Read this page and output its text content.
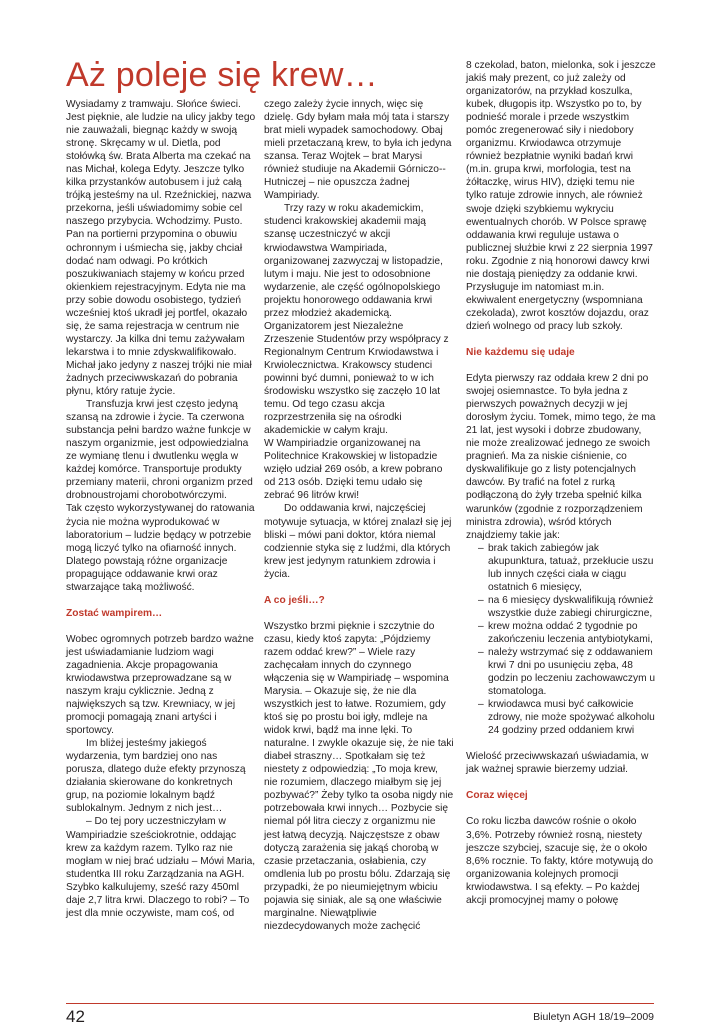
Aż poleje się krew…

Wysiadamy z tramwaju. Słońce świeci. Jest pięknie, ale ludzie na ulicy jakby tego nie zauważali, biegnąc każdy w swoją stronę. Skręcamy w ul. Dietla, pod stołówką św. Brata Alberta ma czekać na nas Michał, kolega Edyty. Jeszcze tylko kilka przystanków autobusem i już całą trójką jesteśmy na ul. Rzeźnickiej, nazwa przekorna, jeśli uświadomimy sobie cel naszego przybycia. Wchodzimy. Pusto. Pan na portierni przypomina o obuwiu ochronnym i uśmiecha się, jakby chciał dodać nam odwagi. Po krótkich poszukiwaniach stajemy w końcu przed okienkiem rejestracyjnym. Edyta nie ma przy sobie dowodu osobistego, tydzień wcześniej ktoś ukradł jej portfel, okazało się, że sama rejestracja w centrum nie wystarczy. Ja kilka dni temu zażywałam lekarstwa i to mnie zdyskwalifikowało. Michał jako jedyny z naszej trójki nie miał żadnych przeciwwskazań do pobrania płynu, który ratuje życie.

Transfuzja krwi jest często jedyną szansą na zdrowie i życie. Ta czerwona substancja pełni bardzo ważne funkcje w naszym organizmie, jest odpowiedzialna ze wymianę tlenu i dwutlenku węgla w każdej komórce. Transportuje produkty przemiany materii, chroni organizm przed drobnoustrojami chorobotwórczymi.

Tak często wykorzystywanej do ratowania życia nie można wyprodukować w laboratorium – ludzie będący w potrzebie mogą liczyć tylko na ofiarność innych. Dlatego powstają różne organizacje propagujące oddawanie krwi oraz stwarzające taką możliwość.

Zostać wampirem…

Wobec ogromnych potrzeb bardzo ważne jest uświadamianie ludziom wagi zagadnienia. Akcje propagowania krwiodawstwa przeprowadzane są w naszym kraju cyklicznie. Jedną z największych są tzw. Krewniacy, w jej promocji pomagają znani artyści i sportowcy.

Im bliżej jesteśmy jakiegoś wydarzenia, tym bardziej ono nas porusza, dlatego duże efekty przynoszą działania skierowane do konkretnych grup, na poziomie lokalnym bądź sublokalnym. Jednym z nich jest…

– Do tej pory uczestniczyłam w Wampiriadzie sześciokrotnie, oddając krew za każdym razem. Tylko raz nie mogłam w niej brać udziału – Mówi Maria, studentka III roku Zarządzania na AGH. Szybko kalkulujemy, sześć razy 450ml daje 2,7 litra krwi. Dlaczego to robi? – To jest dla mnie oczywiste, mam coś, od

czego zależy życie innych, więc się dzielę. Gdy byłam mała mój tata i starszy brat mieli wypadek samochodowy. Obaj mieli przetaczaną krew, to była ich jedyna szansa. Teraz Wojtek – brat Marysi również studiuje na Akademii Górniczo--Hutniczej – nie opuszcza żadnej Wampiriady.

Trzy razy w roku akademickim, studenci krakowskiej akademii mają szansę uczestniczyć w akcji krwiodawstwa Wampiriada, organizowanej zazwyczaj w listopadzie, lutym i maju. Nie jest to odosobnione wydarzenie, ale część ogólnopolskiego projektu honorowego oddawania krwi przez młodzież akademicką. Organizatorem jest Niezależne Zrzeszenie Studentów przy współpracy z Regionalnym Centrum Krwiodawstwa i Krwiolecznictwa. Krakowscy studenci powinni być dumni, ponieważ to w ich środowisku wszystko się zaczęło 10 lat temu. Od tego czasu akcja rozprzestrzeniła się na ośrodki akademickie w całym kraju.

W Wampiriadzie organizowanej na Politechnice Krakowskiej w listopadzie wzięło udział 269 osób, a krew pobrano od 213 osób. Dzięki temu udało się zebrać 96 litrów krwi!

Do oddawania krwi, najczęściej motywuje sytuacja, w której znalazł się jej bliski – mówi pani doktor, która niemal codziennie styka się z ludźmi, dla których krew jest jedynym ratunkiem zdrowia i życia.

A co jeśli…?

Wszystko brzmi pięknie i szczytnie do czasu, kiedy ktoś zapyta: „Pójdziemy razem oddać krew?” – Wiele razy zachęcałam innych do czynnego włączenia się w Wampiriadę – wspomina Marysia. – Okazuje się, że nie dla wszystkich jest to łatwe. Rozumiem, gdy ktoś się po prostu boi igły, mdleje na widok krwi, bądź ma inne lęki. To naturalne. I zwykle okazuje się, że nie taki diabeł straszny… Spotkałam się też niestety z odpowiedzią: „To moja krew, nie rozumiem, dlaczego miałbym się jej pozbywać?” Żeby tylko ta osoba nigdy nie potrzebowała krwi innych… Pozbycie się niemal pół litra cieczy z organizmu nie jest łatwą decyzją. Najczęstsze z obaw dotyczą zarażenia się jakąś chorobą w czasie przetaczania, osłabienia, czy omdlenia lub po prostu bólu. Zdarzają się przypadki, że po nieumiejętnym wbiciu pojawia się siniak, ale są one właściwie marginalne. Niewątpliwie niezdecydowanych może zachęcić

8 czekolad, baton, mielonka, sok i jeszcze jakiś mały prezent, co już zależy od organizatorów, na przykład koszulka, kubek, długopis itp. Wszystko po to, by podnieść morale i przede wszystkim pomóc zregenerować siły i niedobory organizmu. Krwiodawca otrzymuje również bezpłatnie wyniki badań krwi (m.in. grupa krwi, morfologia, test na żółtaczkę, wirus HIV), dzięki temu nie tylko ratuje zdrowie innych, ale również swoje dzięki szybkiemu wykryciu ewentualnych chorób. W Polsce sprawę oddawania krwi reguluje ustawa o publicznej służbie krwi z 22 sierpnia 1997 roku. Zgodnie z nią honorowi dawcy krwi nie dostają pieniędzy za oddanie krwi. Przysługuje im natomiast m.in. ekwiwalent energetyczny (wspomniana czekolada), zwrot kosztów dojazdu, oraz dzień wolnego od pracy lub szkoły.

Nie każdemu się udaje

Edyta pierwszy raz oddała krew 2 dni po swojej osiemnastce. To była jedna z pierwszych poważnych decyzji w jej dorosłym życiu. Tomek, mimo tego, że ma 21 lat, jest wysoki i dobrze zbudowany, nie może zrealizować jednego ze swoich pragnień. Ma za niskie ciśnienie, co dyskwalifikuje go z listy potencjalnych dawców. By trafić na fotel z rurką podłączoną do żyły trzeba spełnić kilka warunków (zgodnie z rozporządzeniem ministra zdrowia), wśród których znajdziemy takie jak:

– brak takich zabiegów jak akupunktura, tatuaż, przekłucie uszu lub innych części ciała w ciągu ostatnich 6 miesięcy,
– na 6 miesięcy dyskwalifikują również wszystkie duże zabiegi chirurgiczne,
– krew można oddać 2 tygodnie po zakończeniu leczenia antybiotykami,
– należy wstrzymać się z oddawaniem krwi 7 dni po usunięciu zęba, 48 godzin po leczeniu zachowawczym u stomatologa.
– krwiodawca musi być całkowicie zdrowy, nie może spożywać alkoholu 24 godziny przed oddaniem krwi

Wielość przeciwwskazań uświadamia, w jak ważnej sprawie bierzemy udział.

Coraz więcej

Co roku liczba dawców rośnie o około 3,6%. Potrzeby również rosną, niestety jeszcze szybciej, szacuje się, że o około 8,6% rocznie. To fakty, które motywują do organizowania kolejnych promocji krwiodawstwa. I są efekty. – Po każdej akcji promocyjnej mamy o połowę

42	Biuletyn AGH 18/19–2009
